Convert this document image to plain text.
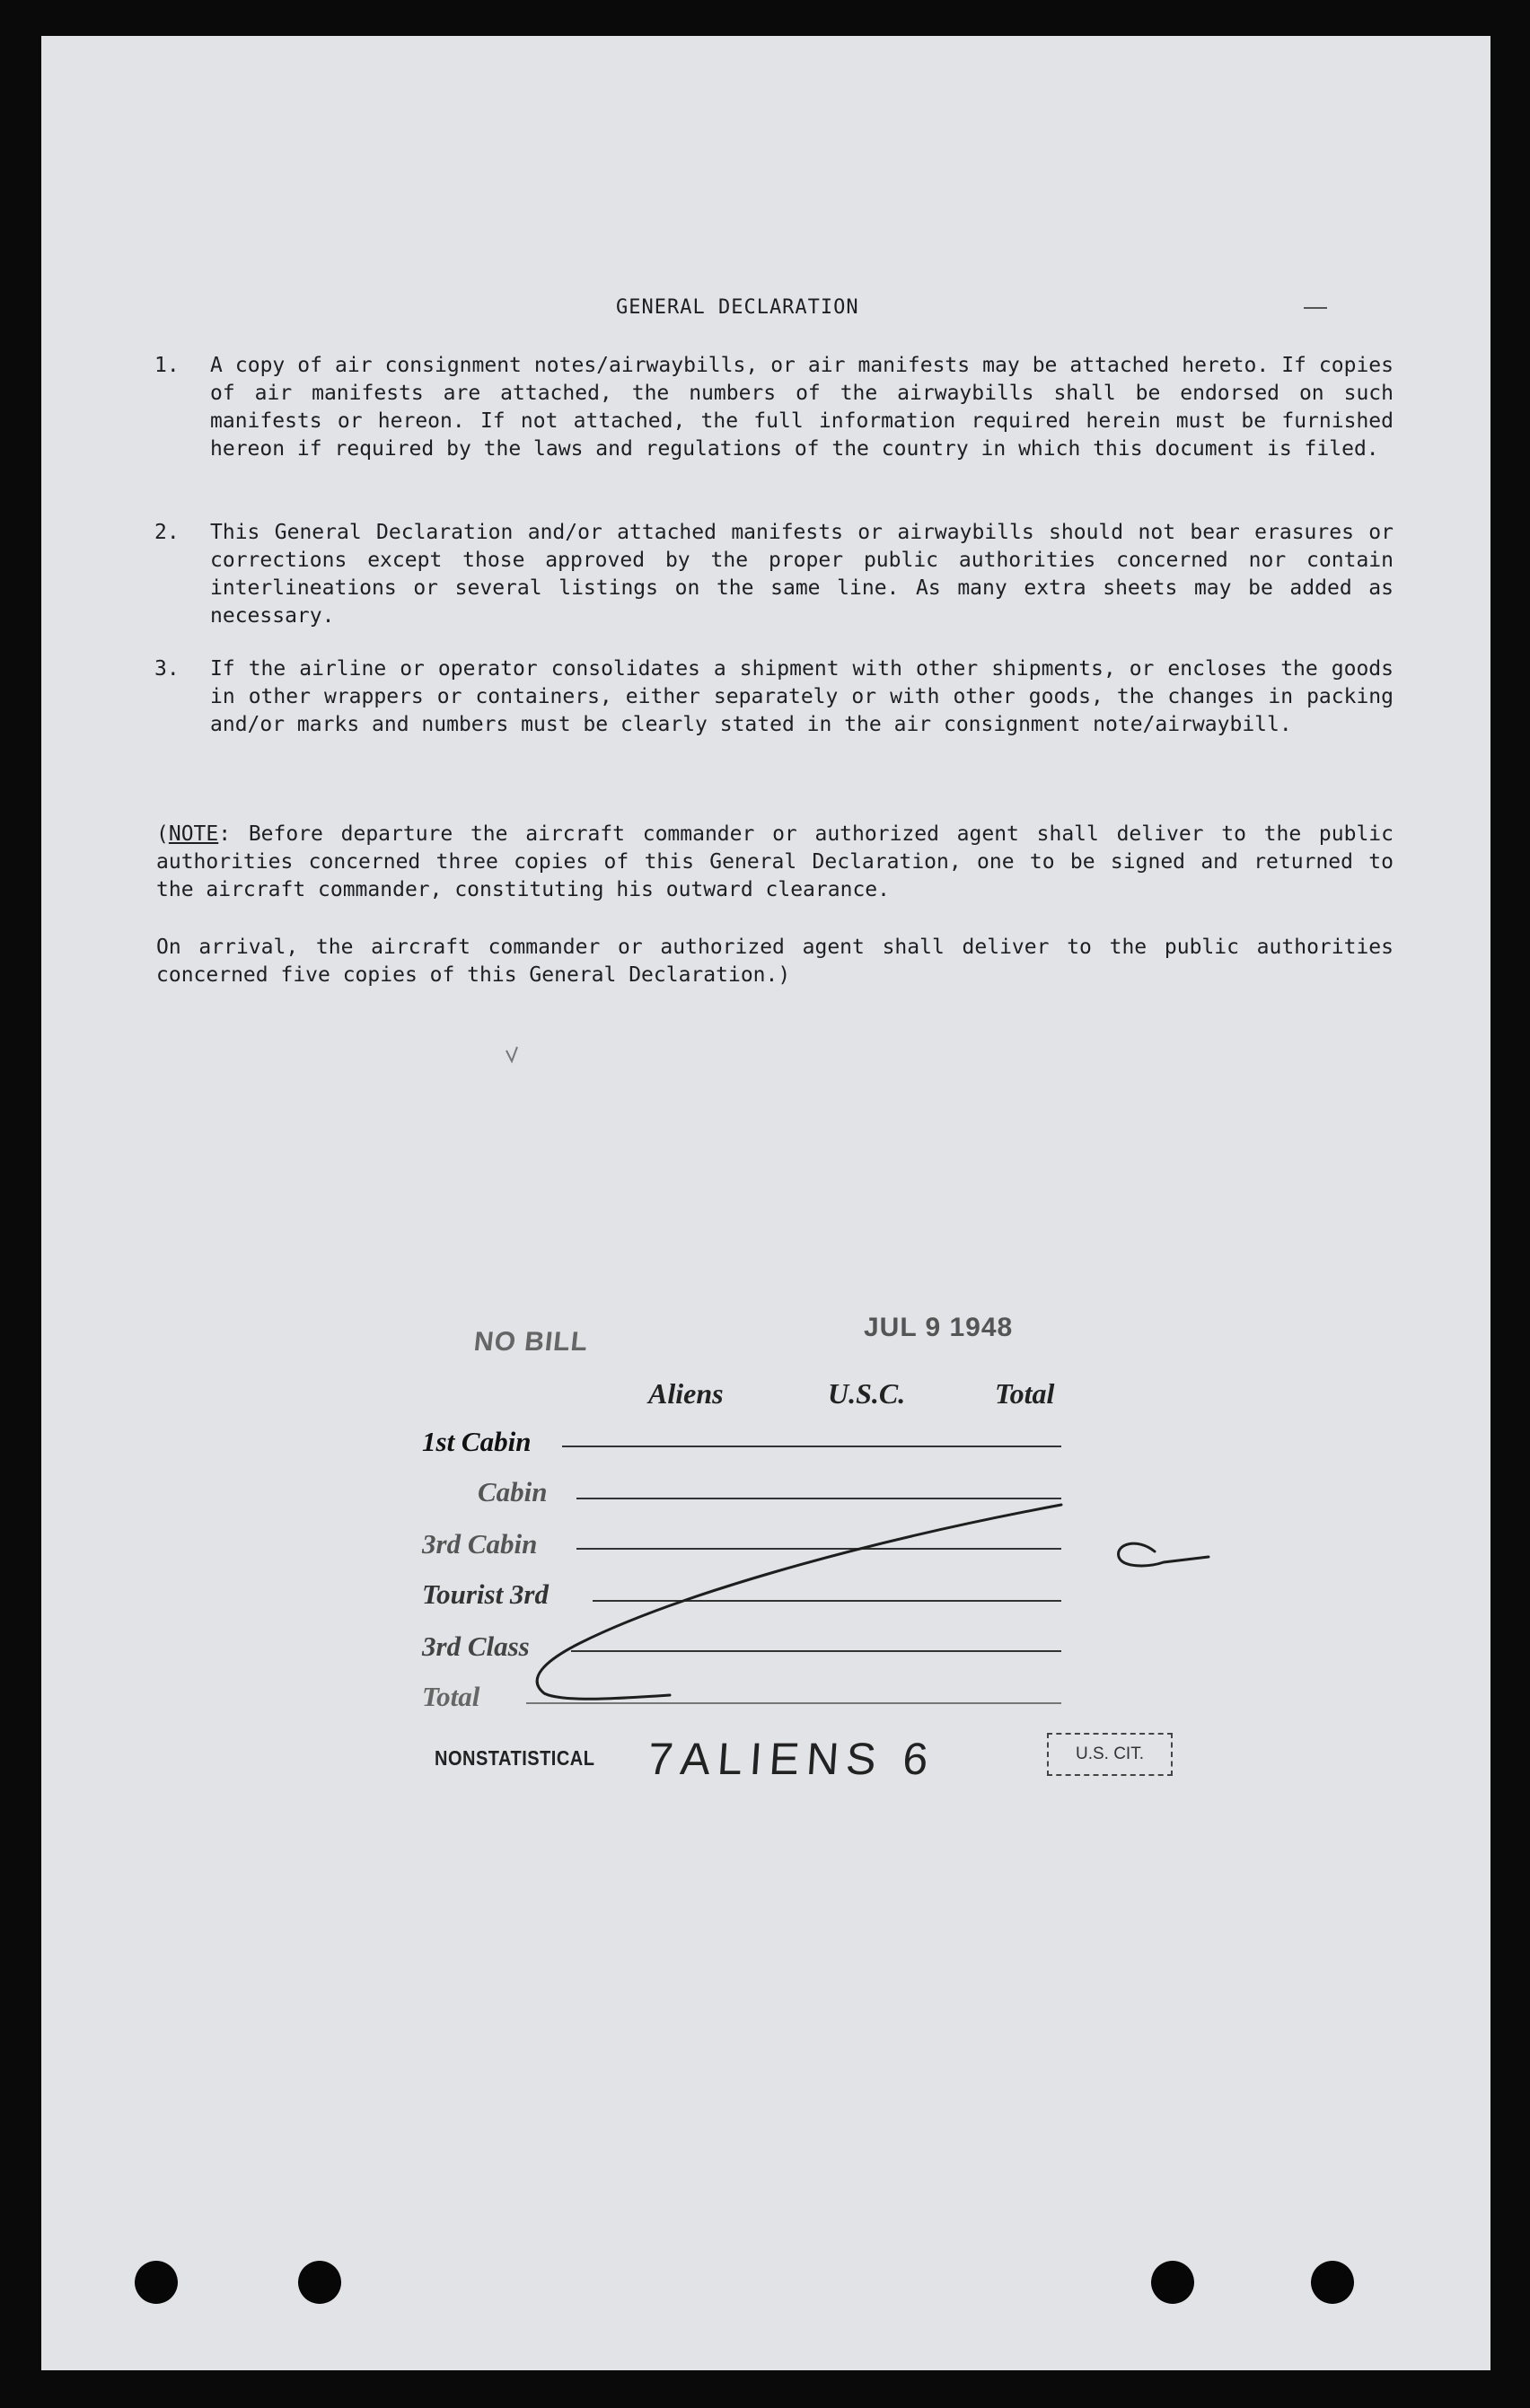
GENERAL DECLARATION
1.	A copy of air consignment notes/airwaybills, or air manifests may be attached hereto. If copies of air manifests are attached, the numbers of the airwaybills shall be endorsed on such manifests or hereon. If not attached, the full information required herein must be furnished hereon if required by the laws and regulations of the country in which this document is filed.
2.	This General Declaration and/or attached manifests or airwaybills should not bear erasures or corrections except those approved by the proper public authorities concerned nor contain interlineations or several listings on the same line. As many extra sheets may be added as necessary.
3.	If the airline or operator consolidates a shipment with other shipments, or encloses the goods in other wrappers or containers, either separately or with other goods, the changes in packing and/or marks and numbers must be clearly stated in the air consignment note/airwaybill.
(NOTE: Before departure the aircraft commander or authorized agent shall deliver to the public authorities concerned three copies of this General Declaration, one to be signed and returned to the aircraft commander, constituting his outward clearance.
On arrival, the aircraft commander or authorized agent shall deliver to the public authorities concerned five copies of this General Declaration.)
NO BILL	JUL 9 1948
Aliens	U.S.C.	Total
1st Cabin
Cabin
3rd Cabin
Tourist 3rd
3rd Class
Total
NONSTATISTICAL 7ALIENS 6	U.S. CIT.
